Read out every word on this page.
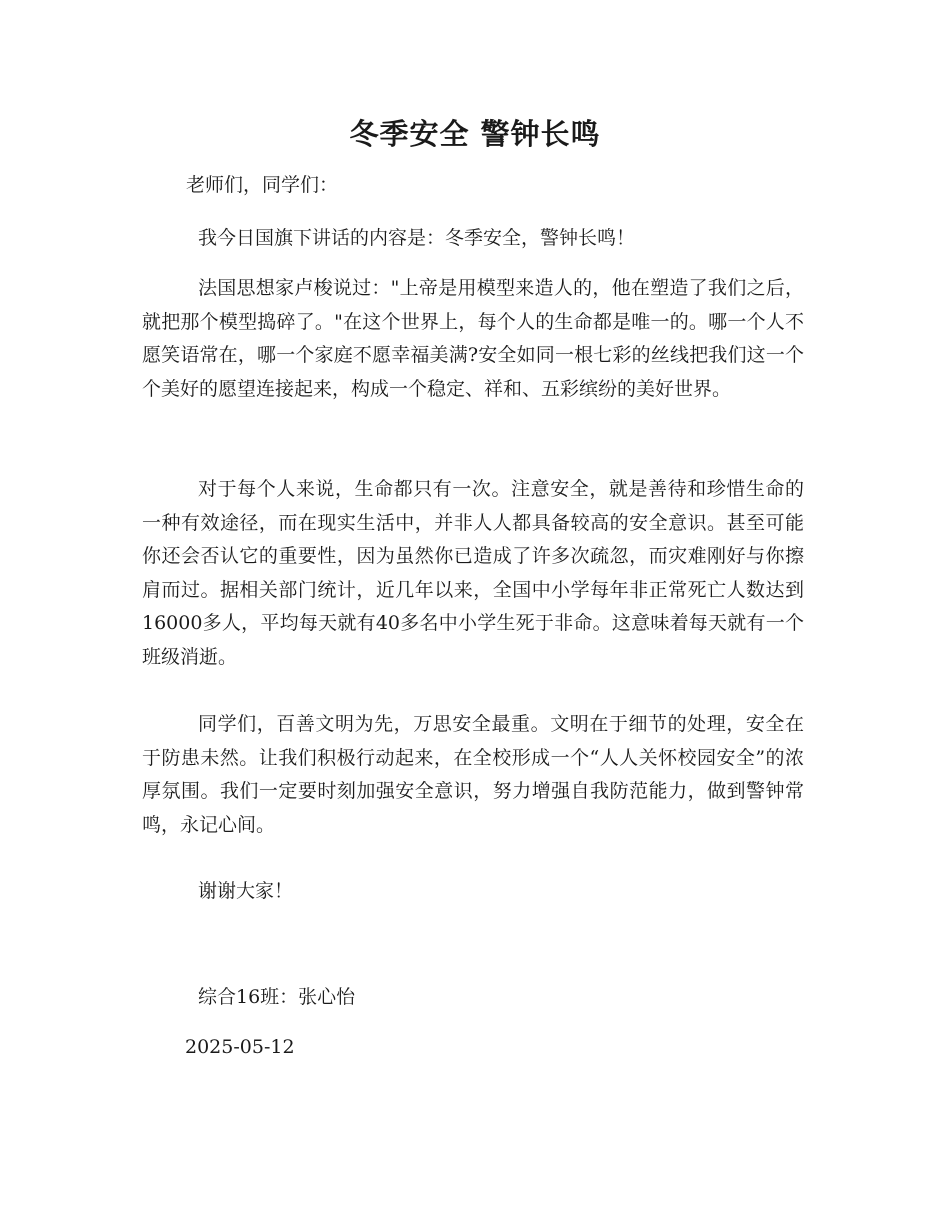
冬季安全 警钟长鸣

老师们，同学们：

我今日国旗下讲话的内容是：冬季安全，警钟长鸣！

法国思想家卢梭说过："上帝是用模型来造人的，他在塑造了我们之后，就把那个模型捣碎了。"在这个世界上，每个人的生命都是唯一的。哪一个人不愿笑语常在，哪一个家庭不愿幸福美满?安全如同一根七彩的丝线把我们这一个个美好的愿望连接起来，构成一个稳定、祥和、五彩缤纷的美好世界。

对于每个人来说，生命都只有一次。注意安全，就是善待和珍惜生命的一种有效途径，而在现实生活中，并非人人都具备较高的安全意识。甚至可能你还会否认它的重要性，因为虽然你已造成了许多次疏忽，而灾难刚好与你擦肩而过。据相关部门统计，近几年以来，全国中小学每年非正常死亡人数达到16000多人，平均每天就有40多名中小学生死于非命。这意味着每天就有一个班级消逝。

同学们，百善文明为先，万思安全最重。文明在于细节的处理，安全在于防患未然。让我们积极行动起来，在全校形成一个“人人关怀校园安全”的浓厚氛围。我们一定要时刻加强安全意识，努力增强自我防范能力，做到警钟常鸣，永记心间。

谢谢大家！

综合16班：张心怡

2025-05-12
